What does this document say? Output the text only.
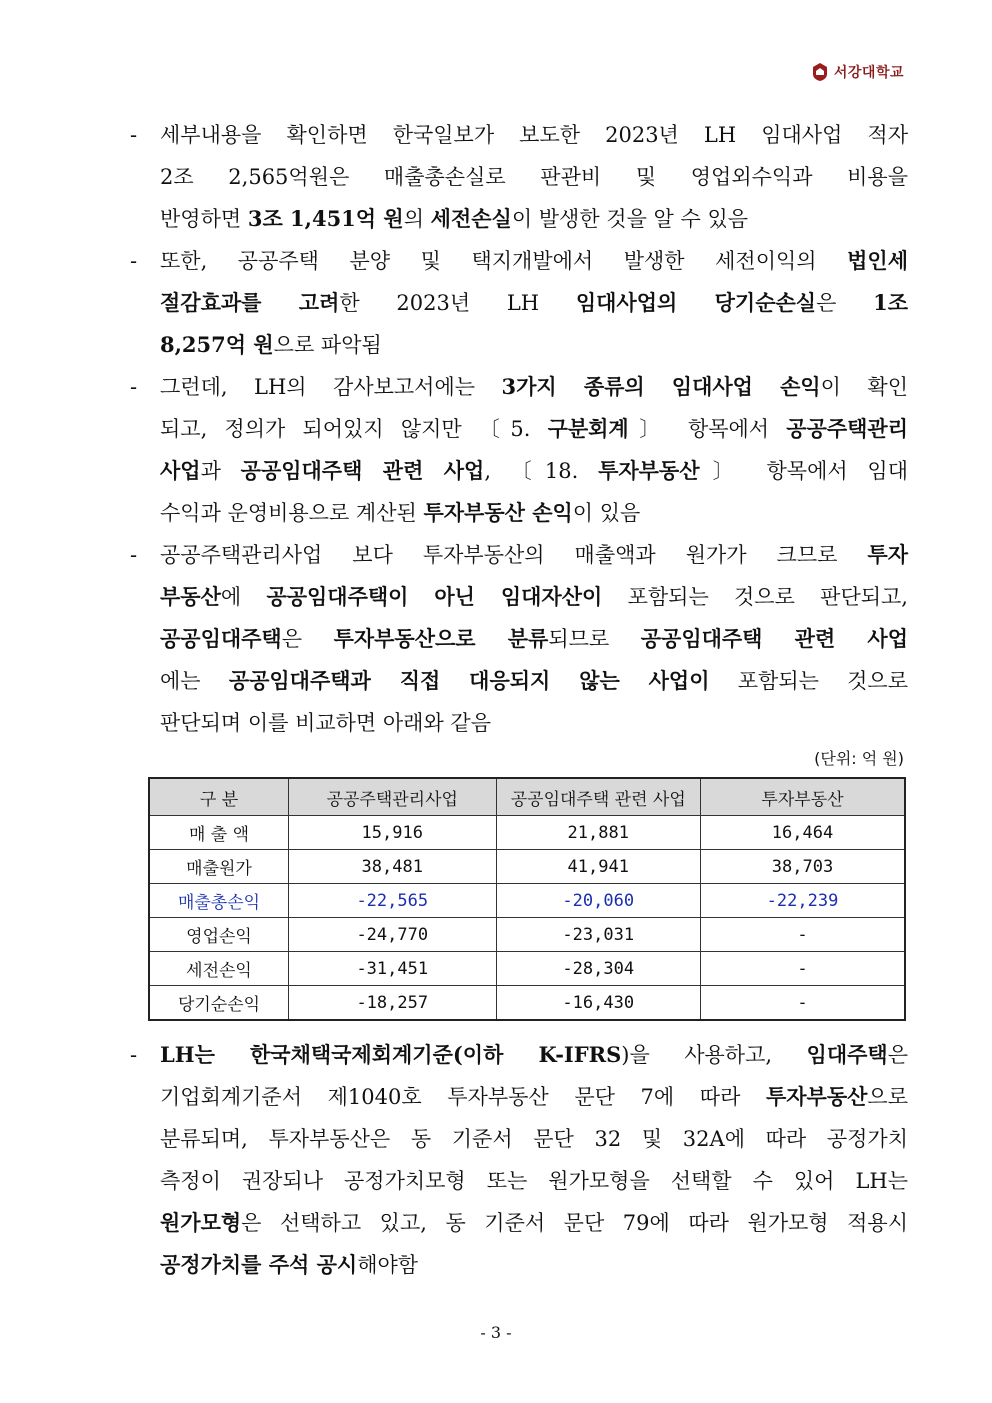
서강대학교
-	세부내용을 확인하면 한국일보가 보도한 2023년 LH 임대사업 적자
2조 2,565억원은 매출총손실로 판관비 및 영업외수익과 비용을
반영하면 3조 1,451억 원의 세전손실이 발생한 것을 알 수 있음
-	또한, 공공주택 분양 및 택지개발에서 발생한 세전이익의 법인세
절감효과를 고려한 2023년 LH 임대사업의 당기순손실은 1조
8,257억 원으로 파악됨
-	그런데, LH의 감사보고서에는 3가지 종류의 임대사업 손익이 확인
되고, 정의가 되어있지 않지만 〔5. 구분회계〕 항목에서 공공주택관리
사업과 공공임대주택 관련 사업, 〔18. 투자부동산〕 항목에서 임대
수익과 운영비용으로 계산된 투자부동산 손익이 있음
-	공공주택관리사업 보다 투자부동산의 매출액과 원가가 크므로 투자
부동산에 공공임대주택이 아닌 임대자산이 포함되는 것으로 판단되고,
공공임대주택은 투자부동산으로 분류되므로 공공임대주택 관련 사업
에는 공공임대주택과 직접 대응되지 않는 사업이 포함되는 것으로
판단되며 이를 비교하면 아래와 같음
(단위: 억 원)
구 분	공공주택관리사업	공공임대주택 관련 사업	투자부동산
매 출 액	15,916	21,881	16,464
매출원가	38,481	41,941	38,703
매출총손익	-22,565	-20,060	-22,239
영업손익	-24,770	-23,031	-
세전손익	-31,451	-28,304	-
당기순손익	-18,257	-16,430	-
-	LH는 한국채택국제회계기준(이하 K-IFRS)을 사용하고, 임대주택은
기업회계기준서 제1040호 투자부동산 문단 7에 따라 투자부동산으로
분류되며, 투자부동산은 동 기준서 문단 32 및 32A에 따라 공정가치
측정이 권장되나 공정가치모형 또는 원가모형을 선택할 수 있어 LH는
원가모형은 선택하고 있고, 동 기준서 문단 79에 따라 원가모형 적용시
공정가치를 주석 공시해야함
- 3 -
